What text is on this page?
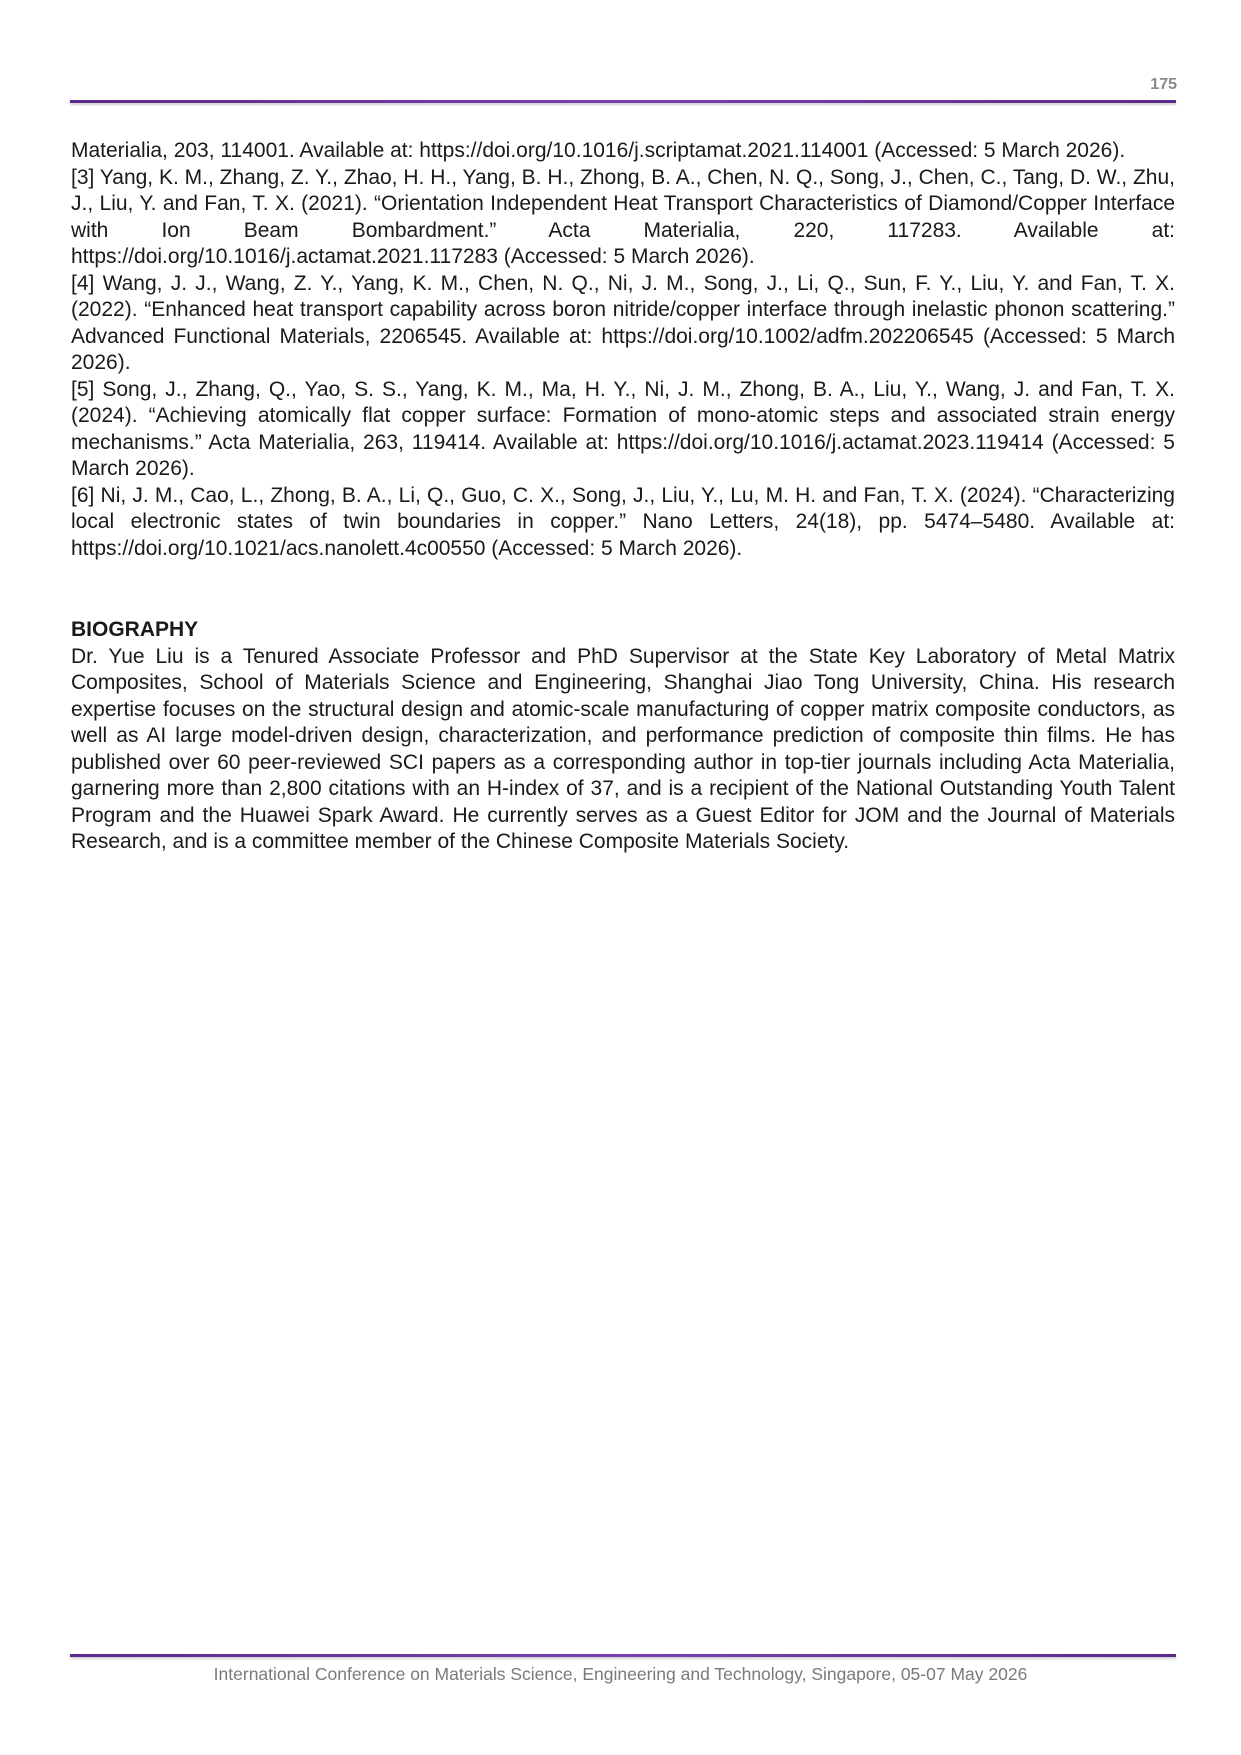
175

Materialia, 203, 114001. Available at: https://doi.org/10.1016/j.scriptamat.2021.114001 (Accessed: 5 March 2026).

[3] Yang, K. M., Zhang, Z. Y., Zhao, H. H., Yang, B. H., Zhong, B. A., Chen, N. Q., Song, J., Chen, C., Tang, D. W., Zhu, J., Liu, Y. and Fan, T. X. (2021). “Orientation Independent Heat Transport Characteristics of Diamond/Copper Interface with Ion Beam Bombardment.” Acta Materialia, 220, 117283. Available at: https://doi.org/10.1016/j.actamat.2021.117283 (Accessed: 5 March 2026).

[4] Wang, J. J., Wang, Z. Y., Yang, K. M., Chen, N. Q., Ni, J. M., Song, J., Li, Q., Sun, F. Y., Liu, Y. and Fan, T. X. (2022). “Enhanced heat transport capability across boron nitride/copper interface through inelastic phonon scattering.” Advanced Functional Materials, 2206545. Available at: https://doi.org/10.1002/adfm.202206545 (Accessed: 5 March 2026).

[5] Song, J., Zhang, Q., Yao, S. S., Yang, K. M., Ma, H. Y., Ni, J. M., Zhong, B. A., Liu, Y., Wang, J. and Fan, T. X. (2024). “Achieving atomically flat copper surface: Formation of mono-atomic steps and associated strain energy mechanisms.” Acta Materialia, 263, 119414. Available at: https://doi.org/10.1016/j.actamat.2023.119414 (Accessed: 5 March 2026).

[6] Ni, J. M., Cao, L., Zhong, B. A., Li, Q., Guo, C. X., Song, J., Liu, Y., Lu, M. H. and Fan, T. X. (2024). “Characterizing local electronic states of twin boundaries in copper.” Nano Letters, 24(18), pp. 5474–5480. Available at: https://doi.org/10.1021/acs.nanolett.4c00550 (Accessed: 5 March 2026).

BIOGRAPHY

Dr. Yue Liu is a Tenured Associate Professor and PhD Supervisor at the State Key Laboratory of Metal Matrix Composites, School of Materials Science and Engineering, Shanghai Jiao Tong University, China. His research expertise focuses on the structural design and atomic-scale manufacturing of copper matrix composite conductors, as well as AI large model-driven design, characterization, and performance prediction of composite thin films. He has published over 60 peer-reviewed SCI papers as a corresponding author in top-tier journals including Acta Materialia, garnering more than 2,800 citations with an H-index of 37, and is a recipient of the National Outstanding Youth Talent Program and the Huawei Spark Award. He currently serves as a Guest Editor for JOM and the Journal of Materials Research, and is a committee member of the Chinese Composite Materials Society.

International Conference on Materials Science, Engineering and Technology, Singapore, 05-07 May 2026
